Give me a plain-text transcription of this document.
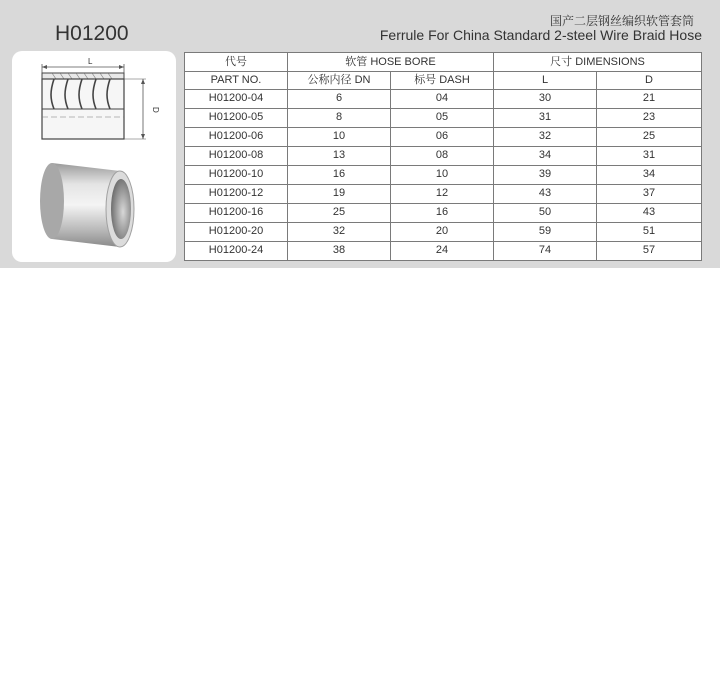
H01200
国产二层钢丝编织软管套筒
Ferrule For China Standard 2-steel Wire Braid Hose
L
D
代号	软管 HOSE BORE		尺寸 DIMENSIONS	
PART NO.	公称内径 DN	标号 DASH	L	D
H01200-04	6	04	30	21
H01200-05	8	05	31	23
H01200-06	10	06	32	25
H01200-08	13	08	34	31
H01200-10	16	10	39	34
H01200-12	19	12	43	37
H01200-16	25	16	50	43
H01200-20	32	20	59	51
H01200-24	38	24	74	57
